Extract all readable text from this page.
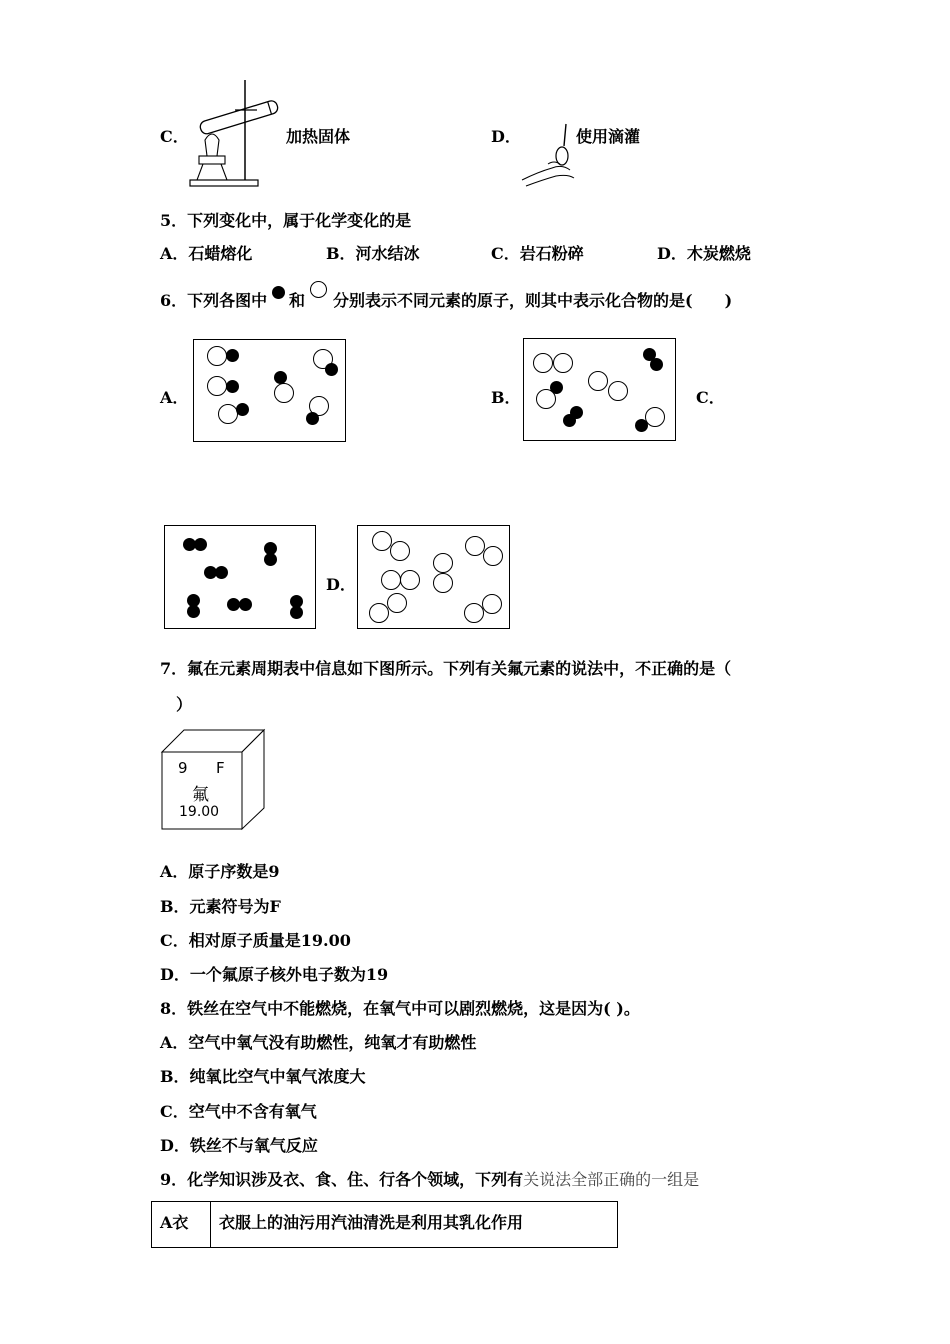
C．	加热固体	D．	使用滴灌
5．下列变化中，属于化学变化的是
A．石蜡熔化	B．河水结冰	C．岩石粉碎	D．木炭燃烧
6．下列各图中 和 分别表示不同元素的原子，则其中表示化合物的是(　　)
A．	B．	C．
D．
7．氟在元素周期表中信息如下图所示。下列有关氟元素的说法中，不正确的是（
）
9 F
氟
19.00
A．原子序数是9
B．元素符号为F
C．相对原子质量是19.00
D．一个氟原子核外电子数为19
8．铁丝在空气中不能燃烧，在氧气中可以剧烈燃烧，这是因为( )。
A．空气中氧气没有助燃性，纯氧才有助燃性
B．纯氧比空气中氧气浓度大
C．空气中不含有氧气
D．铁丝不与氧气反应
9．化学知识涉及衣、食、住、行各个领域，下列有关说法全部正确的一组是
A衣	衣服上的油污用汽油清洗是利用其乳化作用
